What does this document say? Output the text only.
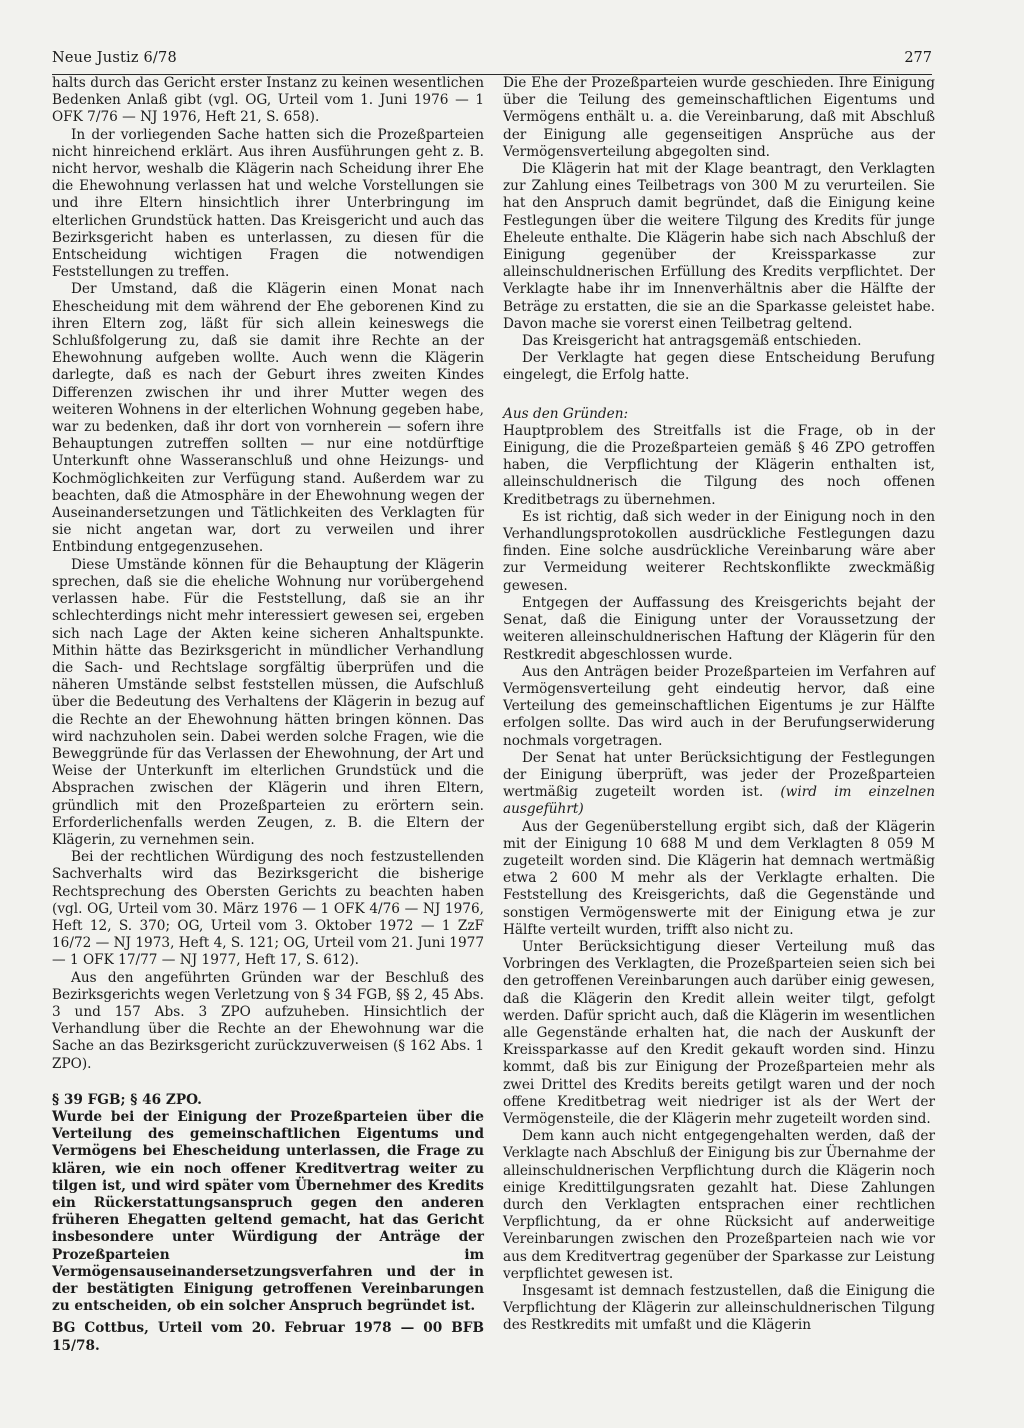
Neue Justiz 6/78	277

halts durch das Gericht erster Instanz zu keinen wesentlichen Bedenken Anlaß gibt (vgl. OG, Urteil vom 1. Juni 1976 — 1 OFK 7/76 — NJ 1976, Heft 21, S. 658).

In der vorliegenden Sache hatten sich die Prozeßparteien nicht hinreichend erklärt. Aus ihren Ausführungen geht z. B. nicht hervor, weshalb die Klägerin nach Scheidung ihrer Ehe die Ehewohnung verlassen hat und welche Vorstellungen sie und ihre Eltern hinsichtlich ihrer Unterbringung im elterlichen Grundstück hatten. Das Kreisgericht und auch das Bezirksgericht haben es unterlassen, zu diesen für die Entscheidung wichtigen Fragen die notwendigen Feststellungen zu treffen.

Der Umstand, daß die Klägerin einen Monat nach Ehescheidung mit dem während der Ehe geborenen Kind zu ihren Eltern zog, läßt für sich allein keineswegs die Schlußfolgerung zu, daß sie damit ihre Rechte an der Ehewohnung aufgeben wollte. Auch wenn die Klägerin darlegte, daß es nach der Geburt ihres zweiten Kindes Differenzen zwischen ihr und ihrer Mutter wegen des weiteren Wohnens in der elterlichen Wohnung gegeben habe, war zu bedenken, daß ihr dort von vornherein — sofern ihre Behauptungen zutreffen sollten — nur eine notdürftige Unterkunft ohne Wasseranschluß und ohne Heizungs- und Kochmöglichkeiten zur Verfügung stand. Außerdem war zu beachten, daß die Atmosphäre in der Ehewohnung wegen der Auseinandersetzungen und Tätlichkeiten des Verklagten für sie nicht angetan war, dort zu verweilen und ihrer Entbindung entgegenzusehen.

Diese Umstände können für die Behauptung der Klägerin sprechen, daß sie die eheliche Wohnung nur vorübergehend verlassen habe. Für die Feststellung, daß sie an ihr schlechterdings nicht mehr interessiert gewesen sei, ergeben sich nach Lage der Akten keine sicheren Anhaltspunkte. Mithin hätte das Bezirksgericht in mündlicher Verhandlung die Sach- und Rechtslage sorgfältig überprüfen und die näheren Umstände selbst feststellen müssen, die Aufschluß über die Bedeutung des Verhaltens der Klägerin in bezug auf die Rechte an der Ehewohnung hätten bringen können. Das wird nachzuholen sein. Dabei werden solche Fragen, wie die Beweggründe für das Verlassen der Ehewohnung, der Art und Weise der Unterkunft im elterlichen Grundstück und die Absprachen zwischen der Klägerin und ihren Eltern, gründlich mit den Prozeßparteien zu erörtern sein. Erforderlichenfalls werden Zeugen, z. B. die Eltern der Klägerin, zu vernehmen sein.

Bei der rechtlichen Würdigung des noch festzustellenden Sachverhalts wird das Bezirksgericht die bisherige Rechtsprechung des Obersten Gerichts zu beachten haben (vgl. OG, Urteil vom 30. März 1976 — 1 OFK 4/76 — NJ 1976, Heft 12, S. 370; OG, Urteil vom 3. Oktober 1972 — 1 ZzF 16/72 — NJ 1973, Heft 4, S. 121; OG, Urteil vom 21. Juni 1977 — 1 OFK 17/77 — NJ 1977, Heft 17, S. 612).

Aus den angeführten Gründen war der Beschluß des Bezirksgerichts wegen Verletzung von § 34 FGB, §§ 2, 45 Abs. 3 und 157 Abs. 3 ZPO aufzuheben. Hinsichtlich der Verhandlung über die Rechte an der Ehewohnung war die Sache an das Bezirksgericht zurückzuverweisen (§ 162 Abs. 1 ZPO).

§ 39 FGB; § 46 ZPO.

Wurde bei der Einigung der Prozeßparteien über die Verteilung des gemeinschaftlichen Eigentums und Vermögens bei Ehescheidung unterlassen, die Frage zu klären, wie ein noch offener Kreditvertrag weiter zu tilgen ist, und wird später vom Übernehmer des Kredits ein Rückerstattungsanspruch gegen den anderen früheren Ehegatten geltend gemacht, hat das Gericht insbesondere unter Würdigung der Anträge der Prozeßparteien im Vermögensauseinandersetzungsverfahren und der in der bestätigten Einigung getroffenen Vereinbarungen zu entscheiden, ob ein solcher Anspruch begründet ist.

BG Cottbus, Urteil vom 20. Februar 1978 — 00 BFB 15/78.

Die Ehe der Prozeßparteien wurde geschieden. Ihre Einigung über die Teilung des gemeinschaftlichen Eigentums und Vermögens enthält u. a. die Vereinbarung, daß mit Abschluß der Einigung alle gegenseitigen Ansprüche aus der Vermögensverteilung abgegolten sind.

Die Klägerin hat mit der Klage beantragt, den Verklagten zur Zahlung eines Teilbetrags von 300 M zu verurteilen. Sie hat den Anspruch damit begründet, daß die Einigung keine Festlegungen über die weitere Tilgung des Kredits für junge Eheleute enthalte. Die Klägerin habe sich nach Abschluß der Einigung gegenüber der Kreissparkasse zur alleinschuldnerischen Erfüllung des Kredits verpflichtet. Der Verklagte habe ihr im Innenverhältnis aber die Hälfte der Beträge zu erstatten, die sie an die Sparkasse geleistet habe. Davon mache sie vorerst einen Teilbetrag geltend.

Das Kreisgericht hat antragsgemäß entschieden.

Der Verklagte hat gegen diese Entscheidung Berufung eingelegt, die Erfolg hatte.

Aus den Gründen:

Hauptproblem des Streitfalls ist die Frage, ob in der Einigung, die die Prozeßparteien gemäß § 46 ZPO getroffen haben, die Verpflichtung der Klägerin enthalten ist, alleinschuldnerisch die Tilgung des noch offenen Kreditbetrags zu übernehmen.

Es ist richtig, daß sich weder in der Einigung noch in den Verhandlungsprotokollen ausdrückliche Festlegungen dazu finden. Eine solche ausdrückliche Vereinbarung wäre aber zur Vermeidung weiterer Rechtskonflikte zweckmäßig gewesen.

Entgegen der Auffassung des Kreisgerichts bejaht der Senat, daß die Einigung unter der Voraussetzung der weiteren alleinschuldnerischen Haftung der Klägerin für den Restkredit abgeschlossen wurde.

Aus den Anträgen beider Prozeßparteien im Verfahren auf Vermögensverteilung geht eindeutig hervor, daß eine Verteilung des gemeinschaftlichen Eigentums je zur Hälfte erfolgen sollte. Das wird auch in der Berufungserwiderung nochmals vorgetragen.

Der Senat hat unter Berücksichtigung der Festlegungen der Einigung überprüft, was jeder der Prozeßparteien wertmäßig zugeteilt worden ist. (wird im einzelnen ausgeführt)

Aus der Gegenüberstellung ergibt sich, daß der Klägerin mit der Einigung 10 688 M und dem Verklagten 8 059 M zugeteilt worden sind. Die Klägerin hat demnach wertmäßig etwa 2 600 M mehr als der Verklagte erhalten. Die Feststellung des Kreisgerichts, daß die Gegenstände und sonstigen Vermögenswerte mit der Einigung etwa je zur Hälfte verteilt wurden, trifft also nicht zu.

Unter Berücksichtigung dieser Verteilung muß das Vorbringen des Verklagten, die Prozeßparteien seien sich bei den getroffenen Vereinbarungen auch darüber einig gewesen, daß die Klägerin den Kredit allein weiter tilgt, gefolgt werden. Dafür spricht auch, daß die Klägerin im wesentlichen alle Gegenstände erhalten hat, die nach der Auskunft der Kreissparkasse auf den Kredit gekauft worden sind. Hinzu kommt, daß bis zur Einigung der Prozeßparteien mehr als zwei Drittel des Kredits bereits getilgt waren und der noch offene Kreditbetrag weit niedriger ist als der Wert der Vermögensteile, die der Klägerin mehr zugeteilt worden sind.

Dem kann auch nicht entgegengehalten werden, daß der Verklagte nach Abschluß der Einigung bis zur Übernahme der alleinschuldnerischen Verpflichtung durch die Klägerin noch einige Kredittilgungsraten gezahlt hat. Diese Zahlungen durch den Verklagten entsprachen einer rechtlichen Verpflichtung, da er ohne Rücksicht auf anderweitige Vereinbarungen zwischen den Prozeßparteien nach wie vor aus dem Kreditvertrag gegenüber der Sparkasse zur Leistung verpflichtet gewesen ist.

Insgesamt ist demnach festzustellen, daß die Einigung die Verpflichtung der Klägerin zur alleinschuldnerischen Tilgung des Restkredits mit umfaßt und die Klägerin
